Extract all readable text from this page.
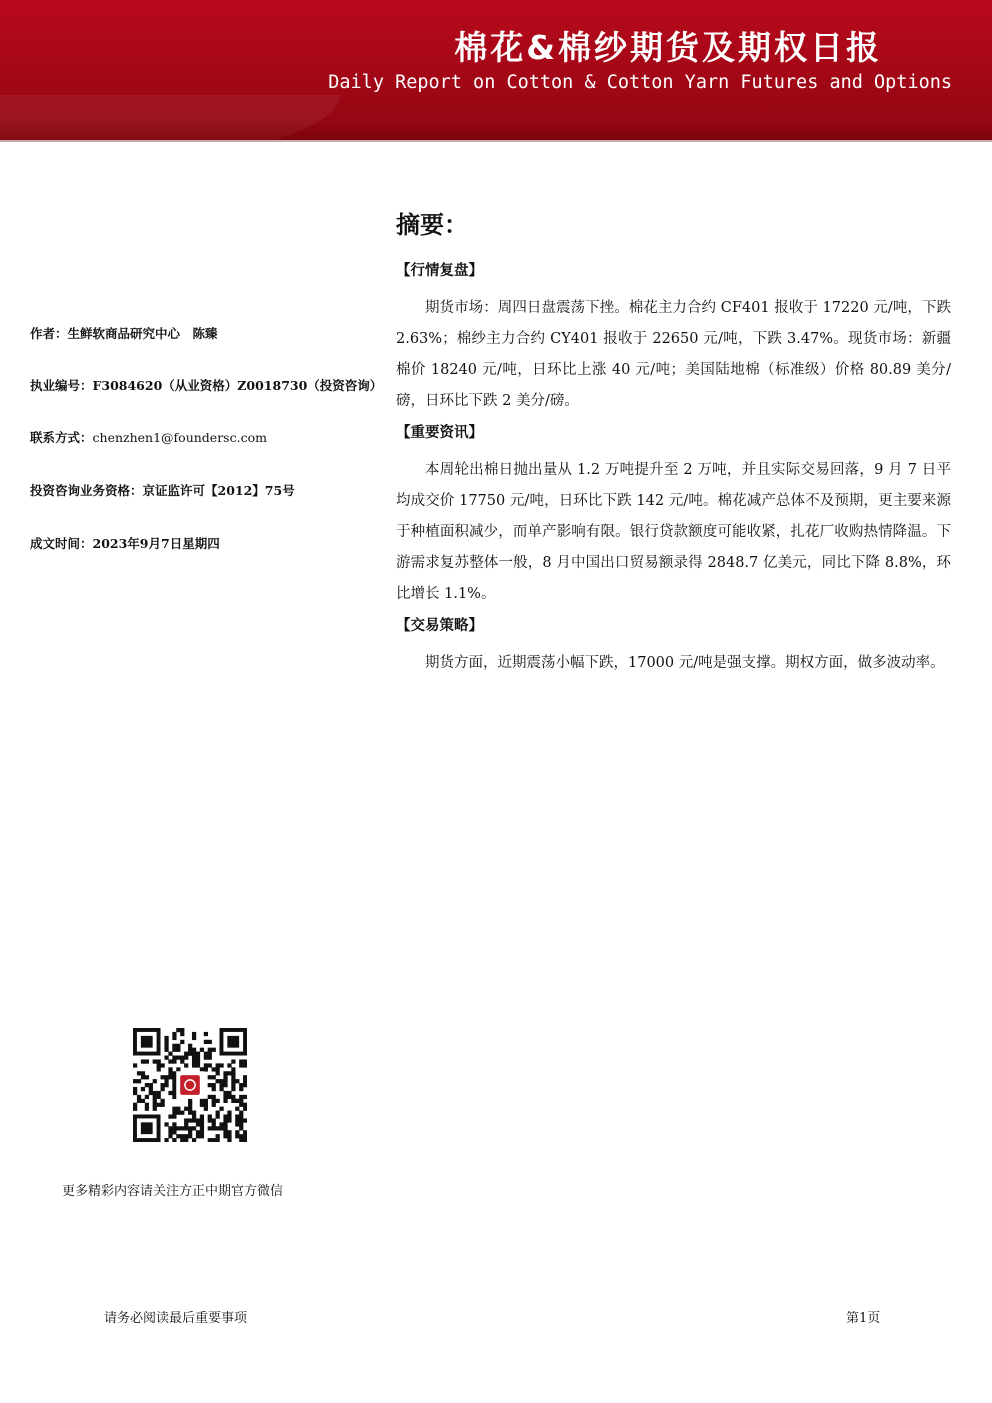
棉花&棉纱期货及期权日报
Daily Report on Cotton & Cotton Yarn Futures and Options
作者：生鲜软商品研究中心　陈臻
执业编号：F3084620（从业资格）Z0018730（投资咨询）
联系方式：chenzhen1@foundersc.com
投资咨询业务资格：京证监许可【2012】75号
成文时间：2023年9月7日星期四
摘要：
【行情复盘】

期货市场：周四日盘震荡下挫。棉花主力合约 CF401 报收于 17220 元/吨，下跌 2.63%；棉纱主力合约 CY401 报收于 22650 元/吨，下跌 3.47%。现货市场：新疆棉价 18240 元/吨，日环比上涨 40 元/吨；美国陆地棉（标准级）价格 80.89 美分/磅，日环比下跌 2 美分/磅。

【重要资讯】

本周轮出棉日抛出量从 1.2 万吨提升至 2 万吨，并且实际交易回落，9 月 7 日平均成交价 17750 元/吨，日环比下跌 142 元/吨。棉花减产总体不及预期，更主要来源于种植面积减少，而单产影响有限。银行贷款额度可能收紧，扎花厂收购热情降温。下游需求复苏整体一般，8 月中国出口贸易额录得 2848.7 亿美元，同比下降 8.8%，环比增长 1.1%。

【交易策略】

期货方面，近期震荡小幅下跌，17000 元/吨是强支撑。期权方面，做多波动率。

更多精彩内容请关注方正中期官方微信
请务必阅读最后重要事项	第1页
